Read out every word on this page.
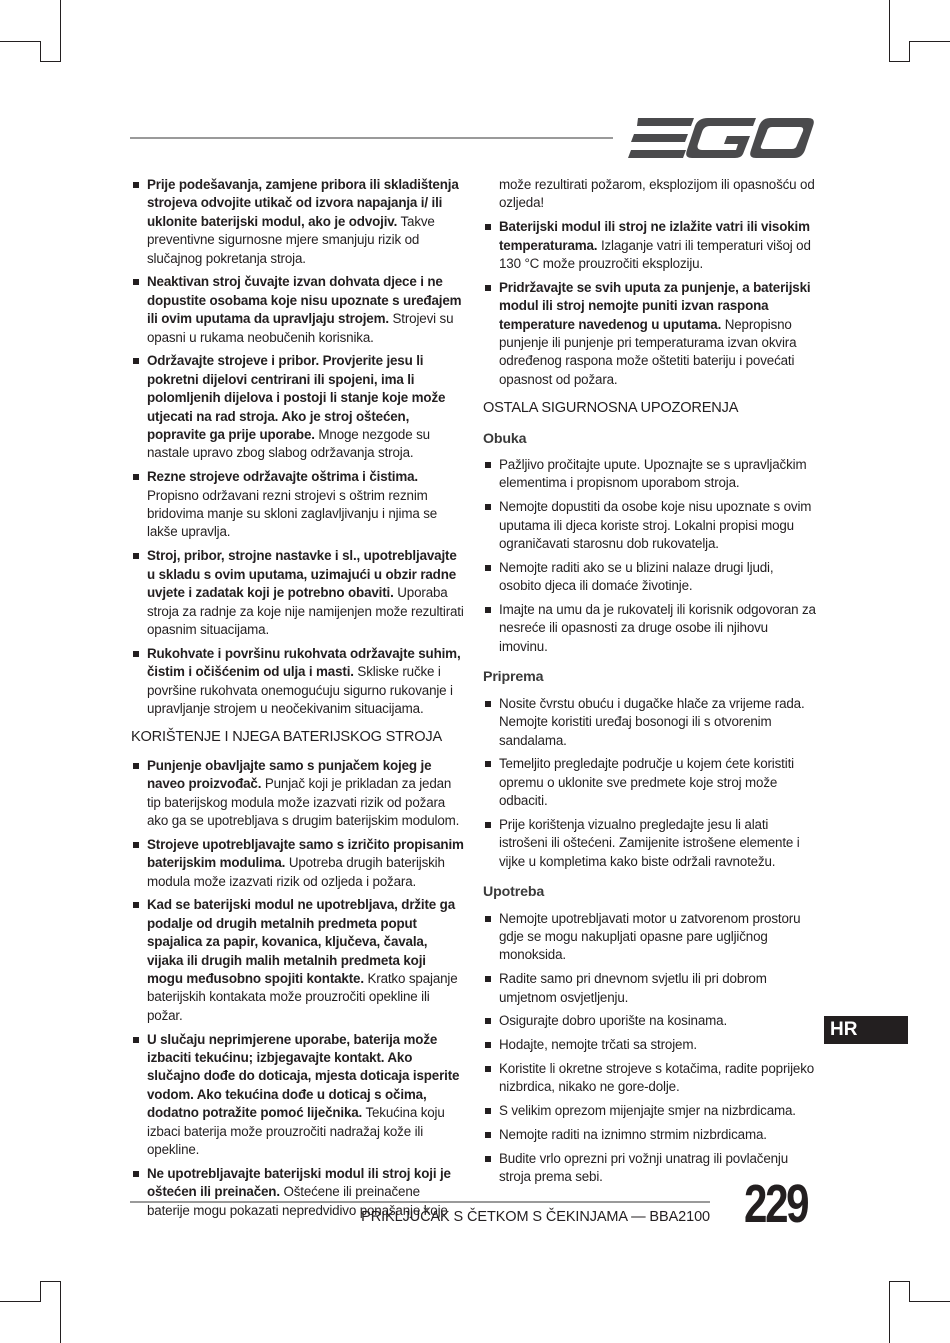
Prije podešavanja, zamjene pribora ili skladištenja strojeva odvojite utikač od izvora napajanja i/ ili uklonite baterijski modul, ako je odvojiv. Takve preventivne sigurnosne mjere smanjuju rizik od slučajnog pokretanja stroja.
Neaktivan stroj čuvajte izvan dohvata djece i ne dopustite osobama koje nisu upoznate s uređajem ili ovim uputama da upravljaju strojem. Strojevi su opasni u rukama neobučenih korisnika.
Održavajte strojeve i pribor. Provjerite jesu li pokretni dijelovi centrirani ili spojeni, ima li polomljenih dijelova i postoji li stanje koje može utjecati na rad stroja. Ako je stroj oštećen, popravite ga prije uporabe. Mnoge nezgode su nastale upravo zbog slabog održavanja stroja.
Rezne strojeve održavajte oštrima i čistima. Propisno održavani rezni strojevi s oštrim reznim bridovima manje su skloni zaglavljivanju i njima se lakše upravlja.
Stroj, pribor, strojne nastavke i sl., upotrebljavajte u skladu s ovim uputama, uzimajući u obzir radne uvjete i zadatak koji je potrebno obaviti. Uporaba stroja za radnje za koje nije namijenjen može rezultirati opasnim situacijama.
Rukohvate i površinu rukohvata održavajte suhim, čistim i očišćenim od ulja i masti. Skliske ručke i površine rukohvata onemogućuju sigurno rukovanje i upravljanje strojem u neočekivanim situacijama.
KORIŠTENJE I NJEGA BATERIJSKOG STROJA
Punjenje obavljajte samo s punjačem kojeg je naveo proizvođač. Punjač koji je prikladan za jedan tip baterijskog modula može izazvati rizik od požara ako ga se upotrebljava s drugim baterijskim modulom.
Strojeve upotrebljavajte samo s izričito propisanim baterijskim modulima. Upotreba drugih baterijskih modula može izazvati rizik od ozljeda i požara.
Kad se baterijski modul ne upotrebljava, držite ga podalje od drugih metalnih predmeta poput spajalica za papir, kovanica, ključeva, čavala, vijaka ili drugih malih metalnih predmeta koji mogu međusobno spojiti kontakte. Kratko spajanje baterijskih kontakata može prouzročiti opekline ili požar.
U slučaju neprimjerene uporabe, baterija može izbaciti tekućinu; izbjegavajte kontakt. Ako slučajno dođe do doticaja, mjesta doticaja isperite vodom. Ako tekućina dođe u doticaj s očima, dodatno potražite pomoć liječnika. Tekućina koju izbaci baterija može prouzročiti nadražaj kože ili opekline.
Ne upotrebljavajte baterijski modul ili stroj koji je oštećen ili preinačen. Oštećene ili preinačene baterije mogu pokazati nepredvidivo ponašanje koje
može rezultirati požarom, eksplozijom ili opasnošću od ozljeda!
Baterijski modul ili stroj ne izlažite vatri ili visokim temperaturama. Izlaganje vatri ili temperaturi višoj od 130 °C može prouzročiti eksploziju.
Pridržavajte se svih uputa za punjenje, a baterijski modul ili stroj nemojte puniti izvan raspona temperature navedenog u uputama. Nepropisno punjenje ili punjenje pri temperaturama izvan okvira određenog raspona može oštetiti bateriju i povećati opasnost od požara.
OSTALA SIGURNOSNA UPOZORENJA
Obuka
Pažljivo pročitajte upute. Upoznajte se s upravljačkim elementima i propisnom uporabom stroja.
Nemojte dopustiti da osobe koje nisu upoznate s ovim uputama ili djeca koriste stroj. Lokalni propisi mogu ograničavati starosnu dob rukovatelja.
Nemojte raditi ako se u blizini nalaze drugi ljudi, osobito djeca ili domaće životinje.
Imajte na umu da je rukovatelj ili korisnik odgovoran za nesreće ili opasnosti za druge osobe ili njihovu imovinu.
Priprema
Nosite čvrstu obuću i dugačke hlače za vrijeme rada. Nemojte koristiti uređaj bosonogi ili s otvorenim sandalama.
Temeljito pregledajte područje u kojem ćete koristiti opremu o uklonite sve predmete koje stroj može odbaciti.
Prije korištenja vizualno pregledajte jesu li alati istrošeni ili oštećeni. Zamijenite istrošene elemente i vijke u kompletima kako biste održali ravnotežu.
Upotreba
Nemojte upotrebljavati motor u zatvorenom prostoru gdje se mogu nakupljati opasne pare ugljičnog monoksida.
Radite samo pri dnevnom svjetlu ili pri dobrom umjetnom osvjetljenju.
Osigurajte dobro uporište na kosinama.
Hodajte, nemojte trčati sa strojem.
Koristite li okretne strojeve s kotačima, radite poprijeko nizbrdica, nikako ne gore-dolje.
S velikim oprezom mijenjajte smjer na nizbrdicama.
Nemojte raditi na iznimno strmim nizbrdicama.
Budite vrlo oprezni pri vožnji unatrag ili povlačenju stroja prema sebi.
HR
PRIKLJUČAK S ČETKOM S ČEKINJAMA — BBA2100 229
